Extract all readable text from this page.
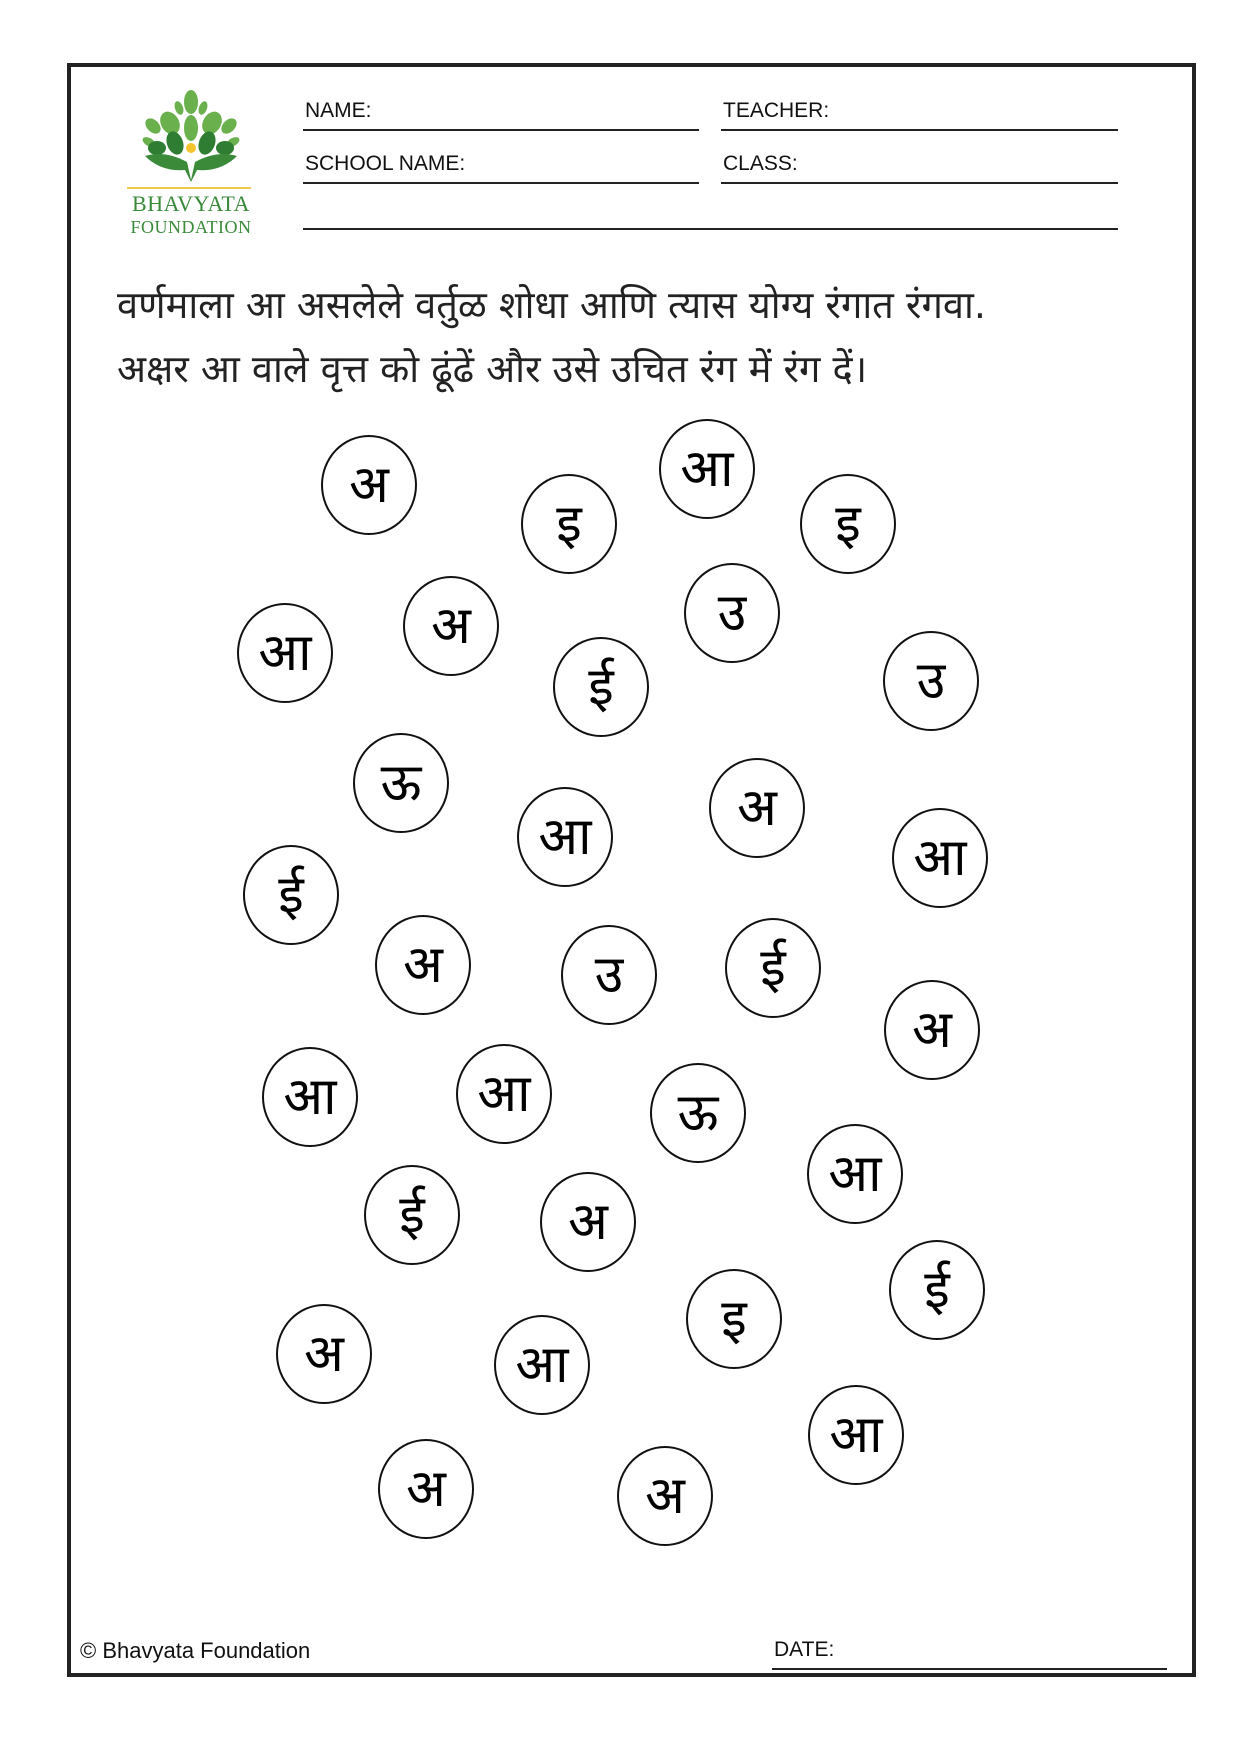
BHAVYATA
FOUNDATION
NAME:	TEACHER:
SCHOOL NAME:	CLASS:
वर्णमाला आ असलेले वर्तुळ शोधा आणि त्यास योग्य रंगात रंगवा.
अक्षर आ वाले वृत्त को ढूंढें और उसे उचित रंग में रंग दें।
अ
इ
आ
इ
आ	अ	उ
ई	उ
ऊ
आ	अ
आ
ई
अ	उ	ई
अ
आ	आ	ऊ
आ
ई	अ
ई
इ
अ	आ
आ
अ	अ
© Bhavyata Foundation	DATE:
